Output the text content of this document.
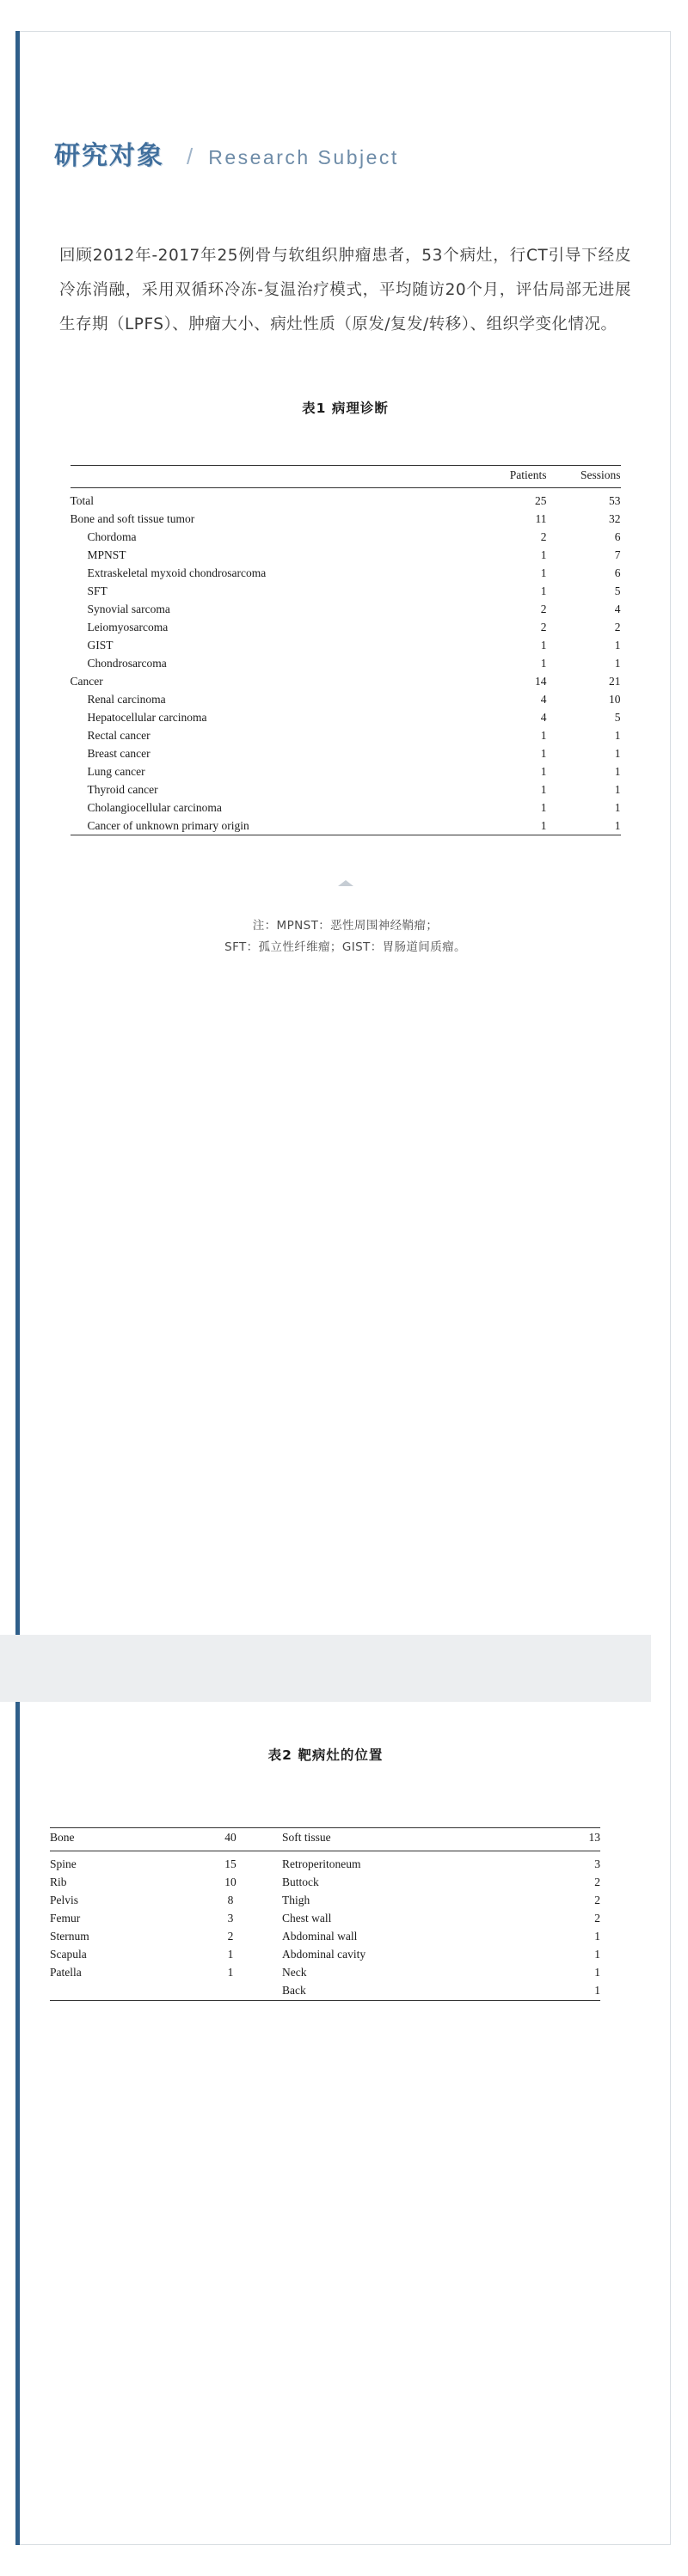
研究对象 / Research Subject
回顾2012年-2017年25例骨与软组织肿瘤患者，53个病灶，行CT引导下经皮冷冻消融，采用双循环冷冻-复温治疗模式，平均随访20个月，评估局部无进展生存期（LPFS）、肿瘤大小、病灶性质（原发/复发/转移）、组织学变化情况。
表1 病理诊断
	Patients	Sessions
Total	25	53
Bone and soft tissue tumor	11	32
Chordoma	2	6
MPNST	1	7
Extraskeletal myxoid chondrosarcoma	1	6
SFT	1	5
Synovial sarcoma	2	4
Leiomyosarcoma	2	2
GIST	1	1
Chondrosarcoma	1	1
Cancer	14	21
Renal carcinoma	4	10
Hepatocellular carcinoma	4	5
Rectal cancer	1	1
Breast cancer	1	1
Lung cancer	1	1
Thyroid cancer	1	1
Cholangiocellular carcinoma	1	1
Cancer of unknown primary origin	1	1
注：MPNST：恶性周围神经鞘瘤；
SFT：孤立性纤维瘤；GIST：胃肠道间质瘤。
表2 靶病灶的位置
Bone	40	Soft tissue	13
Spine	15	Retroperitoneum	3
Rib	10	Buttock	2
Pelvis	8	Thigh	2
Femur	3	Chest wall	2
Sternum	2	Abdominal wall	1
Scapula	1	Abdominal cavity	1
Patella	1	Neck	1
		Back	1
